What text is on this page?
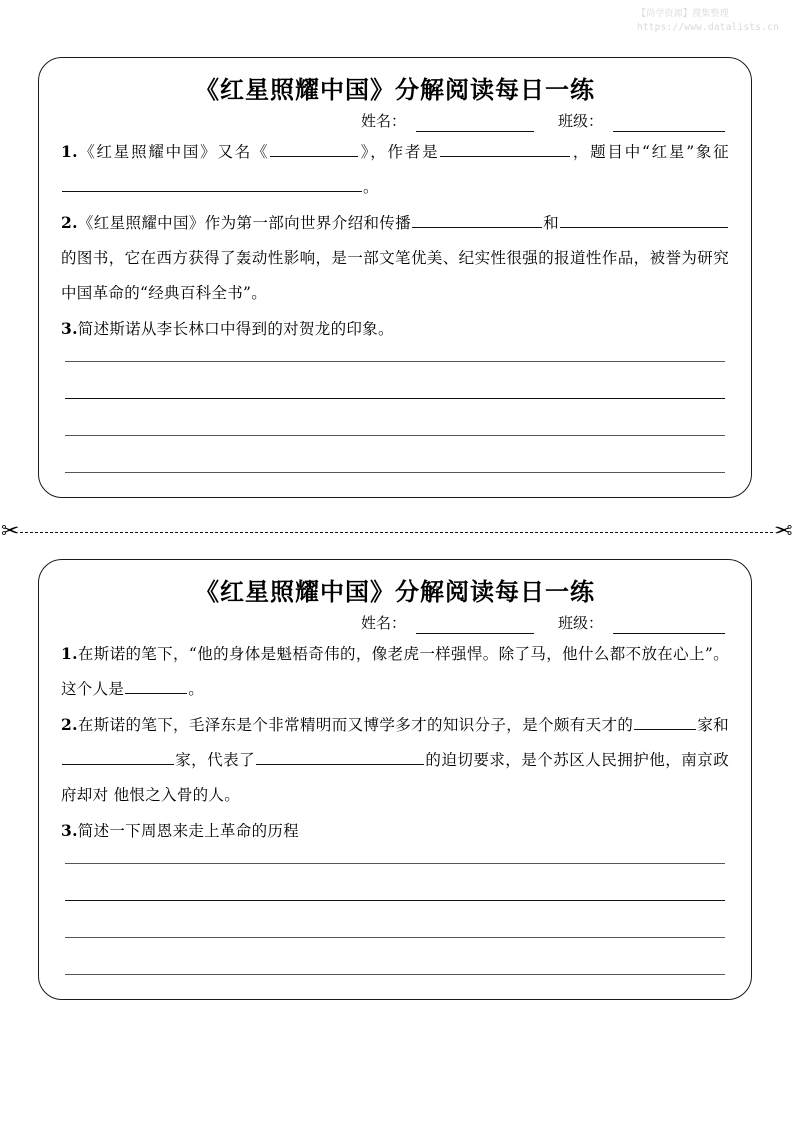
【尚学资源】搜集整理
https://www.datalists.cn
《红星照耀中国》分解阅读每日一练
姓名：	班级：

1.《红星照耀中国》又名《	》，作者是	，题目中“红星”象征。

2.《红星照耀中国》作为第一部向世界介绍和传播	和的图书，它在西方获得了轰动性影响，是一部文笔优美、纪实性很强的报道性作品，被誉为研究中国革命的“经典百科全书”。

3.简述斯诺从李长林口中得到的对贺龙的印象。

✂	✂
《红星照耀中国》分解阅读每日一练
姓名：	班级：

1.在斯诺的笔下，“他的身体是魁梧奇伟的，像老虎一样强悍。除了马，他什么都不放在心上”。这个人是	。

2.在斯诺的笔下，毛泽东是个非常精明而又博学多才的知识分子，是个颇有天才的	家和家，代表了	的迫切要求，是个苏区人民拥护他，南京政府却对 他恨之入骨的人。

3.简述一下周恩来走上革命的历程
